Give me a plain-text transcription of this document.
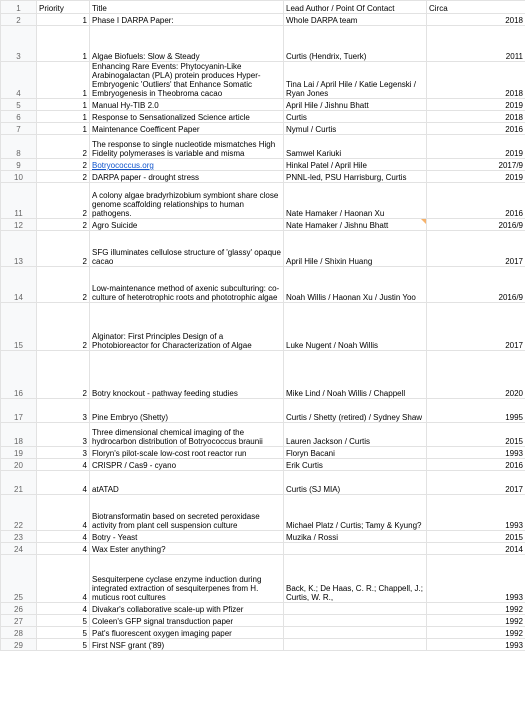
1	Priority	Title	Lead Author / Point Of Contact	Circa
2	1	Phase I DARPA Paper:	Whole DARPA team	2018
3	1	Algae Biofuels: Slow & Steady	Curtis (Hendrix, Tuerk)	2011
4	1	Enhancing Rare Events: Phytocyanin-Like Arabinogalactan (PLA) protein produces Hyper-Embryogenic 'Outliers' that Enhance Somatic Embryogenesis in Theobroma cacao	Tina Lai / April Hile / Katie Legenski / Ryan Jones	2018
5	1	Manual Hy-TIB 2.0	April Hile / Jishnu Bhatt	2019
6	1	Response to Sensationalized Science article	Curtis	2018
7	1	Maintenance Coefficent Paper	Nymul / Curtis	2016
8	2	The response to single nucleotide mismatches High Fidelity polymerases is variable and misma	Samwel Kariuki	2019
9	2	Botryococcus.org	Hinkal Patel / April Hile	2017/9
10	2	DARPA paper - drought stress	PNNL-led, PSU Harrisburg, Curtis	2019
11	2	A colony algae bradyrhizobium symbiont share close genome scaffolding relationships to human pathogens.	Nate Hamaker / Haonan Xu	2016
12	2	Agro Suicide	Nate Hamaker / Jishnu Bhatt	2016/9
13	2	SFG illuminates cellulose structure of 'glassy' opaque cacao	April Hile / Shixin Huang	2017
14	2	Low-maintenance method of axenic subculturing: co-culture of heterotrophic roots and phototrophic algae	Noah Willis / Haonan Xu / Justin Yoo	2016/9
15	2	Alginator: First Principles Design of a Photobioreactor for Characterization of Algae	Luke Nugent / Noah Willis	2017
16	2	Botry knockout - pathway feeding studies	Mike Lind / Noah Willis / Chappell	2020
17	3	Pine Embryo (Shetty)	Curtis / Shetty (retired) / Sydney Shaw	1995
18	3	Three dimensional chemical imaging of the hydrocarbon distribution of Botryococcus braunii	Lauren Jackson / Curtis	2015
19	3	Floryn's pilot-scale low-cost root reactor run	Floryn Bacani	1993
20	4	CRISPR / Cas9 - cyano	Erik Curtis	2016
21	4	atATAD	Curtis (SJ MIA)	2017
22	4	Biotransformatin based on secreted peroxidase activity from plant cell suspension culture	Michael Platz / Curtis; Tamy & Kyung?	1993
23	4	Botry - Yeast	Muzika / Rossi	2015
24	4	Wax Ester anything?		2014
25	4	Sesquiterpene cyclase enzyme induction during integrated extraction of sesquiterpenes from H. muticus root cultures	Back, K.; De Haas, C. R.; Chappell, J.; Curtis, W. R.,	1993
26	4	Divakar's collaborative scale-up with Pfizer		1992
27	5	Coleen's GFP signal transduction paper		1992
28	5	Pat's fluorescent oxygen imaging paper		1992
29	5	First NSF grant ('89)		1993
